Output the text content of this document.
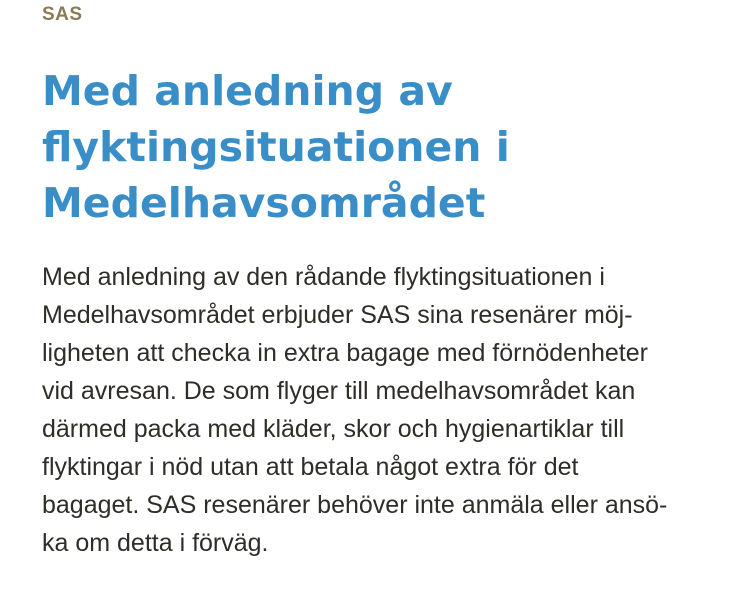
SAS
Med anledning av
flyktingsituationen i
Medelhavsområdet
Med anledning av den rådande flyktingsituationen i
Medelhavsområdet erbjuder SAS sina resenärer möj-
ligheten att checka in extra bagage med förnödenheter
vid avresan. De som flyger till medelhavsområdet kan
därmed packa med kläder, skor och hygienartiklar till
flyktingar i nöd utan att betala något extra för det
bagaget. SAS resenärer behöver inte anmäla eller ansö-
ka om detta i förväg.
